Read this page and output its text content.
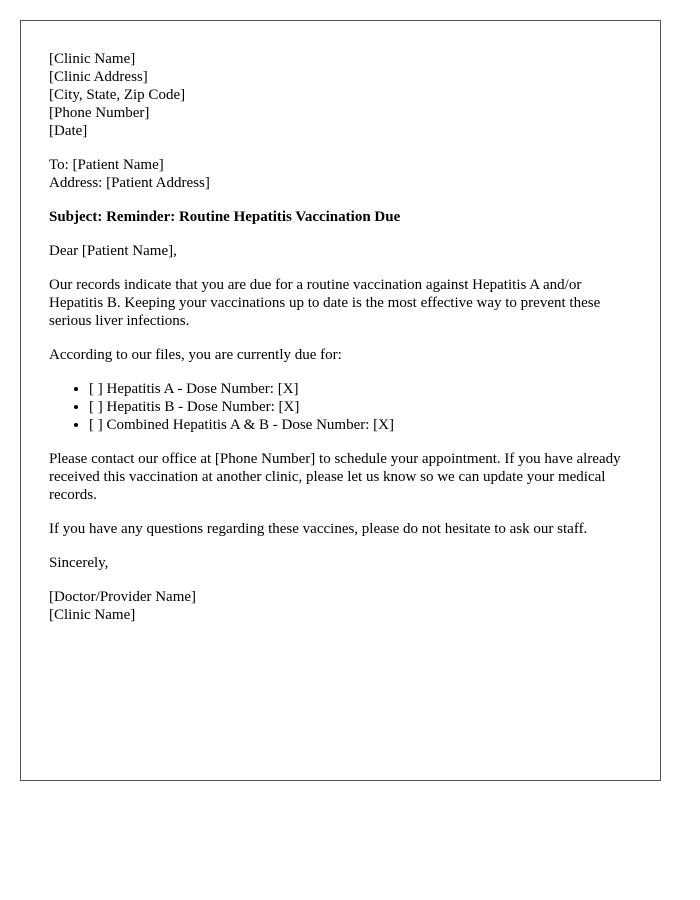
[Clinic Name]
[Clinic Address]
[City, State, Zip Code]
[Phone Number]
[Date]
To: [Patient Name]
Address: [Patient Address]

Subject: Reminder: Routine Hepatitis Vaccination Due

Dear [Patient Name],

Our records indicate that you are due for a routine vaccination against Hepatitis A and/or Hepatitis B. Keeping your vaccinations up to date is the most effective way to prevent these serious liver infections.

According to our files, you are currently due for:

• [ ] Hepatitis A - Dose Number: [X]
• [ ] Hepatitis B - Dose Number: [X]
• [ ] Combined Hepatitis A & B - Dose Number: [X]

Please contact our office at [Phone Number] to schedule your appointment. If you have already received this vaccination at another clinic, please let us know so we can update your medical records.

If you have any questions regarding these vaccines, please do not hesitate to ask our staff.

Sincerely,

[Doctor/Provider Name]
[Clinic Name]
